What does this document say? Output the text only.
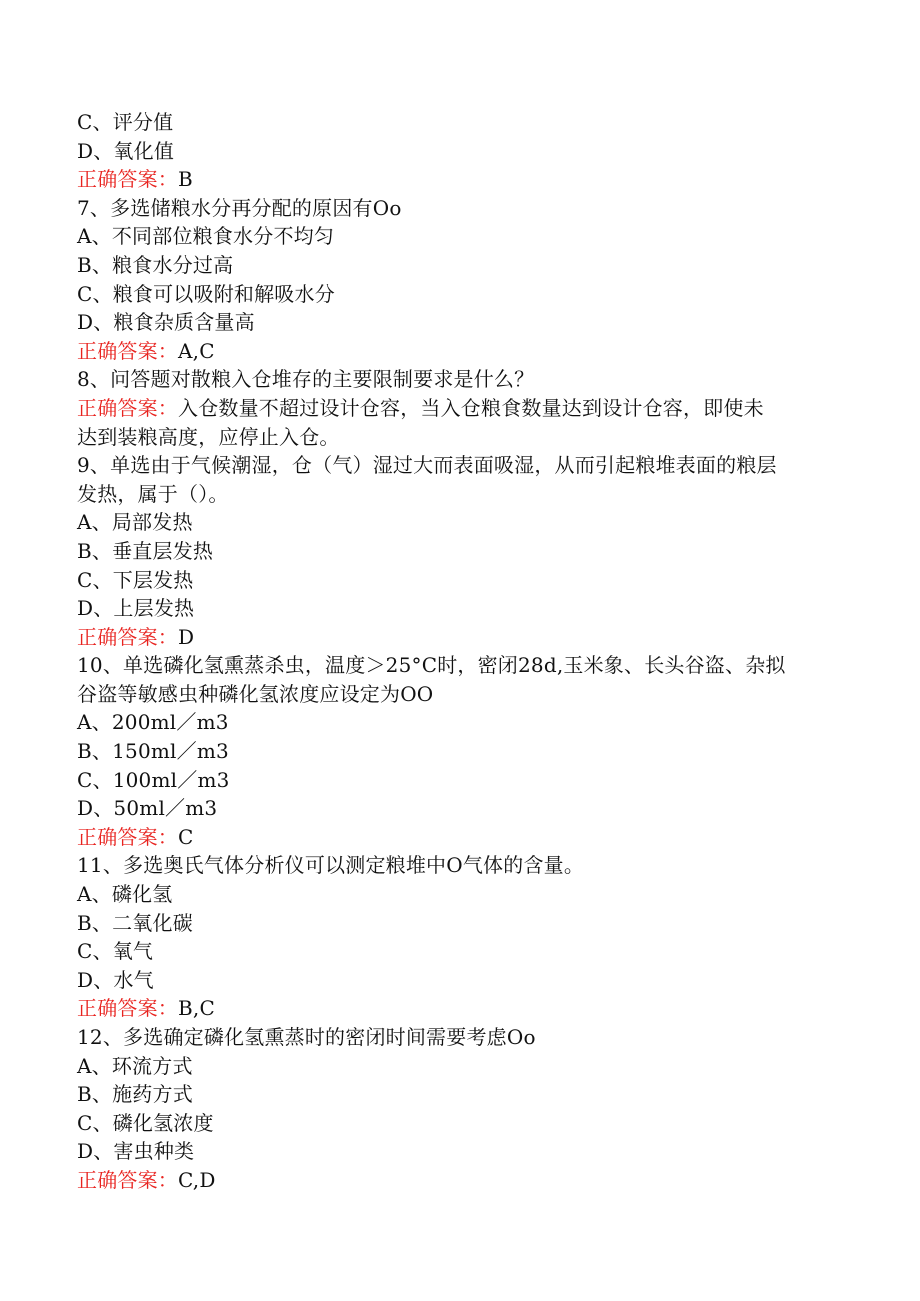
C、评分值
D、氧化值
正确答案：B
7、多选储粮水分再分配的原因有Oo
A、不同部位粮食水分不均匀
B、粮食水分过高
C、粮食可以吸附和解吸水分
D、粮食杂质含量高
正确答案：A,C
8、问答题对散粮入仓堆存的主要限制要求是什么？
正确答案：入仓数量不超过设计仓容，当入仓粮食数量达到设计仓容，即使未
达到装粮高度，应停止入仓。
9、单选由于气候潮湿，仓（气）湿过大而表面吸湿，从而引起粮堆表面的粮层
发热，属于（）。
A、局部发热
B、垂直层发热
C、下层发热
D、上层发热
正确答案：D
10、单选磷化氢熏蒸杀虫，温度＞25°C时，密闭28d,玉米象、长头谷盗、杂拟
谷盗等敏感虫种磷化氢浓度应设定为OO
A、200ml／m3
B、150ml／m3
C、100ml／m3
D、50ml／m3
正确答案：C
11、多选奥氏气体分析仪可以测定粮堆中O气体的含量。
A、磷化氢
B、二氧化碳
C、氧气
D、水气
正确答案：B,C
12、多选确定磷化氢熏蒸时的密闭时间需要考虑Oo
A、环流方式
B、施药方式
C、磷化氢浓度
D、害虫种类
正确答案：C,D
